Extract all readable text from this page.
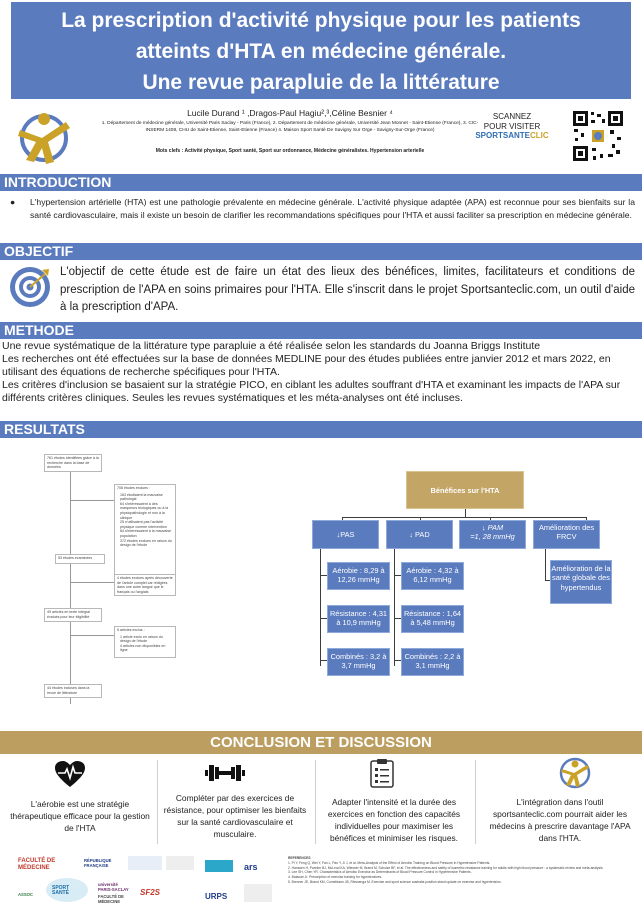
La prescription d'activité physique pour les patients
atteints d'HTA en médecine générale.
Une revue parapluie de la littérature
Lucile Durand ¹ ,Dragos-Paul Hagiu²,³,Céline Besnier ⁴
1. Département de médecine générale, Université Paris Saclay - Paris (France), 2. Département de médecine générale, Université Jean Monnet - Saint-Etienne (France), 3. CIC-INSERM 1408, CHU de Saint-Etienne, Saint-Etienne (France) 4. Maison Sport Santé De Savigny Sur Orge - Savigny-Sur-Orge (France)
Mots clefs : Activité physique, Sport santé, Sport sur ordonnance, Médecine généralistes. Hypertension arterielle
SCANNEZ
POUR VISITER
SPORTSANTECLIC
INTRODUCTION
● L'hypertension artérielle (HTA) est une pathologie prévalente en médecine générale. L'activité physique adaptée (APA) est reconnue pour ses bienfaits sur la santé cardiovasculaire, mais il existe un besoin de clarifier les recommandations spécifiques pour l'HTA et aussi faciliter sa prescription en médecine générale.
OBJECTIF
L'objectif de cette étude est de faire un état des lieux des bénéfices, limites, facilitateurs et conditions de prescription de l'APA en soins primaires pour l'HTA. Elle s'inscrit dans le projet Sportsanteclic.com, un outil d'aide à la prescription d'APA.
METHODE
Une revue systématique de la littérature type parapluie a été réalisée selon les standards du Joanna Briggs Institute
Les recherches ont été effectuées sur la base de données MEDLINE pour des études publiées entre janvier 2012 et mars 2022, en utilisant des équations de recherche spécifiques pour l'HTA.
Les critères d'inclusion se basaient sur la stratégie PICO, en ciblant les adultes souffrant d'HTA et examinant les impacts de l'APA sur différents critères cliniques. Seules les revues systématiques et les méta-analyses ont été incluses.
RESULTATS
761 études identifiées grâce à la recherche dans la base de données
708 études exclues :
163 étudiaient la mauvaise pathologie
64 s'intéressaient à des marqueurs biologiques ou à la physiopathologie et non à la clinique
25 n'utilisaient pas l'activité physique comme intervention
84 s'intéressaient à la mauvaise population
372 études exclues en raison du design de l'étude
53 études examinées
4 études exclues après découverte de l'article complet car rédigées dans une autre langue que le français ou l'anglais
49 articles en texte intégral évalués pour leur éligibilité
5 articles exclus :
1 article exclu en raison du design de l'étude
4 articles non disponibles en ligne
44 études incluses dans la revue de littérature
Bénéfices sur l'HTA
↓PAS	↓ PAD
↓ PAM
=1, 28 mmHg
Amélioration des FRCV
Aérobie : 8,29 à 12,26 mmHg
Résistance : 4,31 à 10,9 mmHg
Combinés : 3,2 à 3,7 mmHg
Aérobie : 4,32 à 6,12 mmHg
Résistance : 1,64 à 5,48 mmHg
Combinés : 2,2 à 3,1 mmHg
Amélioration de la santé globale des hypertendus
CONCLUSION ET DISCUSSION
L'aérobie est une stratégie thérapeutique efficace pour la gestion de l'HTA
Compléter par des exercices de résistance, pour optimiser les bienfaits sur la santé cardiovasculaire et musculaire.
Adapter l'intensité et la durée des exercices en fonction des capacités individuelles pour maximiser les bénéfices et minimiser les risques.
L'intégration dans l'outil sportsanteclic.com pourrait aider les médecins à prescrire davantage l'APA dans l'HTA.
FACULTÉ DE MÉDECINE
RÉPUBLIQUE FRANÇAISE	ars
ASSOC
SPORT SANTÉ
université PARIS-SACLAY
FACULTÉ DE MÉDECINE
SF2S	URPS
REFERENCES
1. Pi Y, Feng Q, Wei Y, Fan L, Pan Y, Ji J, et al. Meta-Analysis of the Effect of Aerobic Training on Blood Pressure in Hypertensive Patients.
2. Hanssen H, Pannier BJ, McLeod KA, Wiesner M, Brand M, Schulze BF, et al. The effectiveness and safety of isometric resistance training for adults with high blood pressure : a systematic review and meta-analysis.
3. Lee SH, Chen YR. Characteristics of Aerobic Exercise as Determinants of Blood Pressure Control in Hypertensive Patients.
4. Batacan Jr. Prescription of exercise training for hypertensives.
5. Brenner JE, Brand KM, Cornelissen JB, Riessenga M. Exercise and sport science australia position stand update on exercise and hypertension.
